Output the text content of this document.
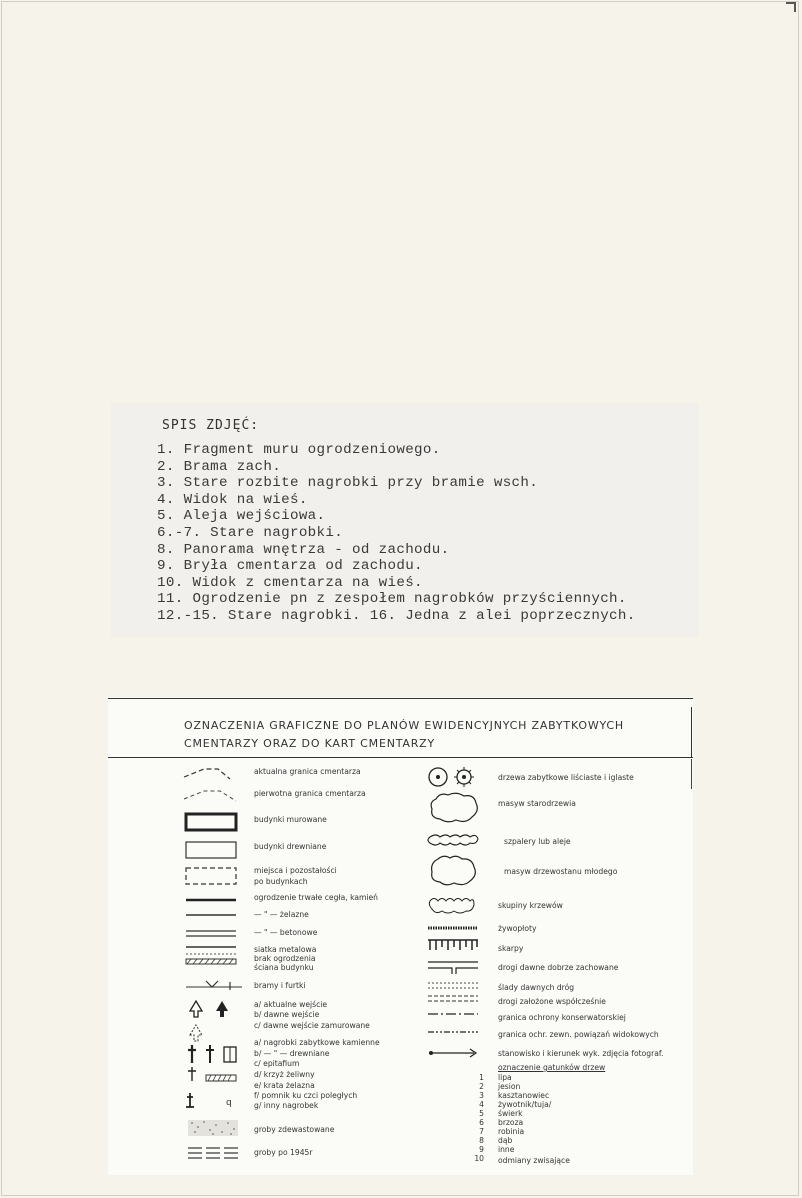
SPIS ZDJĘĆ:
1. Fragment muru ogrodzeniowego.
2. Brama zach.
3. Stare rozbite nagrobki przy bramie wsch.
4. Widok na wieś.
5. Aleja wejściowa.
6.-7. Stare nagrobki.
8. Panorama wnętrza - od zachodu.
9. Bryła cmentarza od zachodu.
10. Widok z cmentarza na wieś.
11. Ogrodzenie pn z zespołem nagrobków przyściennych.
12.-15. Stare nagrobki. 16. Jedna z alei poprzecznych.
OZNACZENIA GRAFICZNE DO PLANÓW EWIDENCYJNYCH ZABYTKOWYCH
CMENTARZY ORAZ DO KART CMENTARZY
q
aktualna granica cmentarza
pierwotna granica cmentarza
budynki murowane
budynki drewniane
miejsca i pozostałości
po budynkach
ogrodzenie trwałe cegła, kamień
— " — żelazne
— " — betonowe
siatka metalowa
brak ogrodzenia
ściana budynku
bramy i furtki
a/ aktualne wejście
b/ dawne wejście
c/ dawne wejście zamurowane
a/ nagrobki zabytkowe kamienne
b/ — " — drewniane
c/ epitafium
d/ krzyż żeliwny
e/ krata żelazna
f/ pomnik ku czci poległych
g/ inny nagrobek
groby zdewastowane
groby po 1945r
drzewa zabytkowe liściaste i iglaste
masyw starodrzewia
szpalery lub aleje
masyw drzewostanu młodego
skupiny krzewów
żywopłoty
skarpy
drogi dawne dobrze zachowane
ślady dawnych dróg
drogi założone współcześnie
granica ochrony konserwatorskiej
granica ochr. zewn. powiązań widokowych
stanowisko i kierunek wyk. zdjęcia fotograf.
oznaczenie gatunków drzew
1
2
3
4
5
6
7
8
9
10
lipa
jesion
kasztanowiec
żywotnik/tuja/
świerk
brzoza
robinia
dąb
inne
odmiany zwisające
